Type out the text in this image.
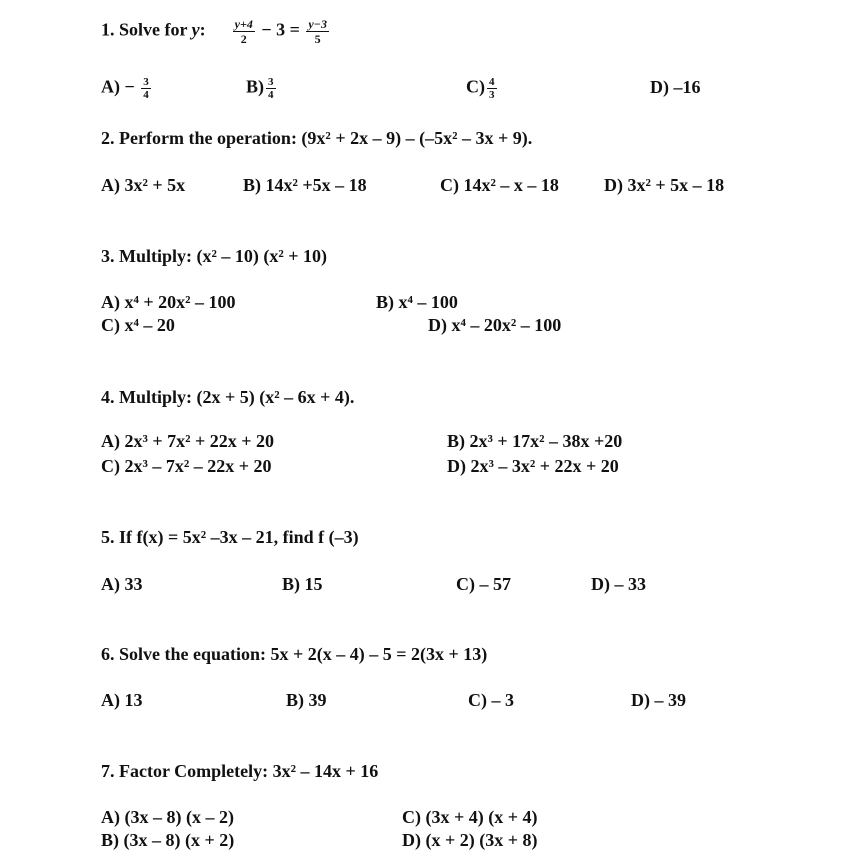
1. Solve for y: $\frac{y+4}{2} - 3 = \frac{y-3}{5}$
$A) - \frac{3}{4}$	$B) \frac{3}{4}$	$C) \frac{4}{3}$	D) –16
2. Perform the operation: (9x² + 2x – 9) – (–5x² – 3x + 9).
A) 3x² + 5x	B) 14x² +5x – 18	C) 14x² – x – 18	D) 3x² + 5x – 18
3. Multiply: (x² – 10) (x² + 10)
A) x⁴ + 20x² – 100	B) x⁴ – 100
C) x⁴ – 20	D) x⁴ – 20x² – 100
4. Multiply: (2x + 5) (x² – 6x + 4).
A) 2x³ + 7x² + 22x + 20	B) 2x³ + 17x² – 38x +20
C) 2x³ – 7x² – 22x + 20	D) 2x³ – 3x² + 22x + 20
5. If f(x) = 5x² –3x – 21, find f (–3)
A) 33	B) 15	C) – 57	D) – 33
6. Solve the equation: 5x + 2(x – 4) – 5 = 2(3x + 13)
A) 13	B) 39	C) – 3	D) – 39
7. Factor Completely: 3x² – 14x + 16
A) (3x – 8) (x – 2)
B) (3x – 8) (x + 2)
C) (3x + 4) (x + 4)
D) (x + 2) (3x + 8)
